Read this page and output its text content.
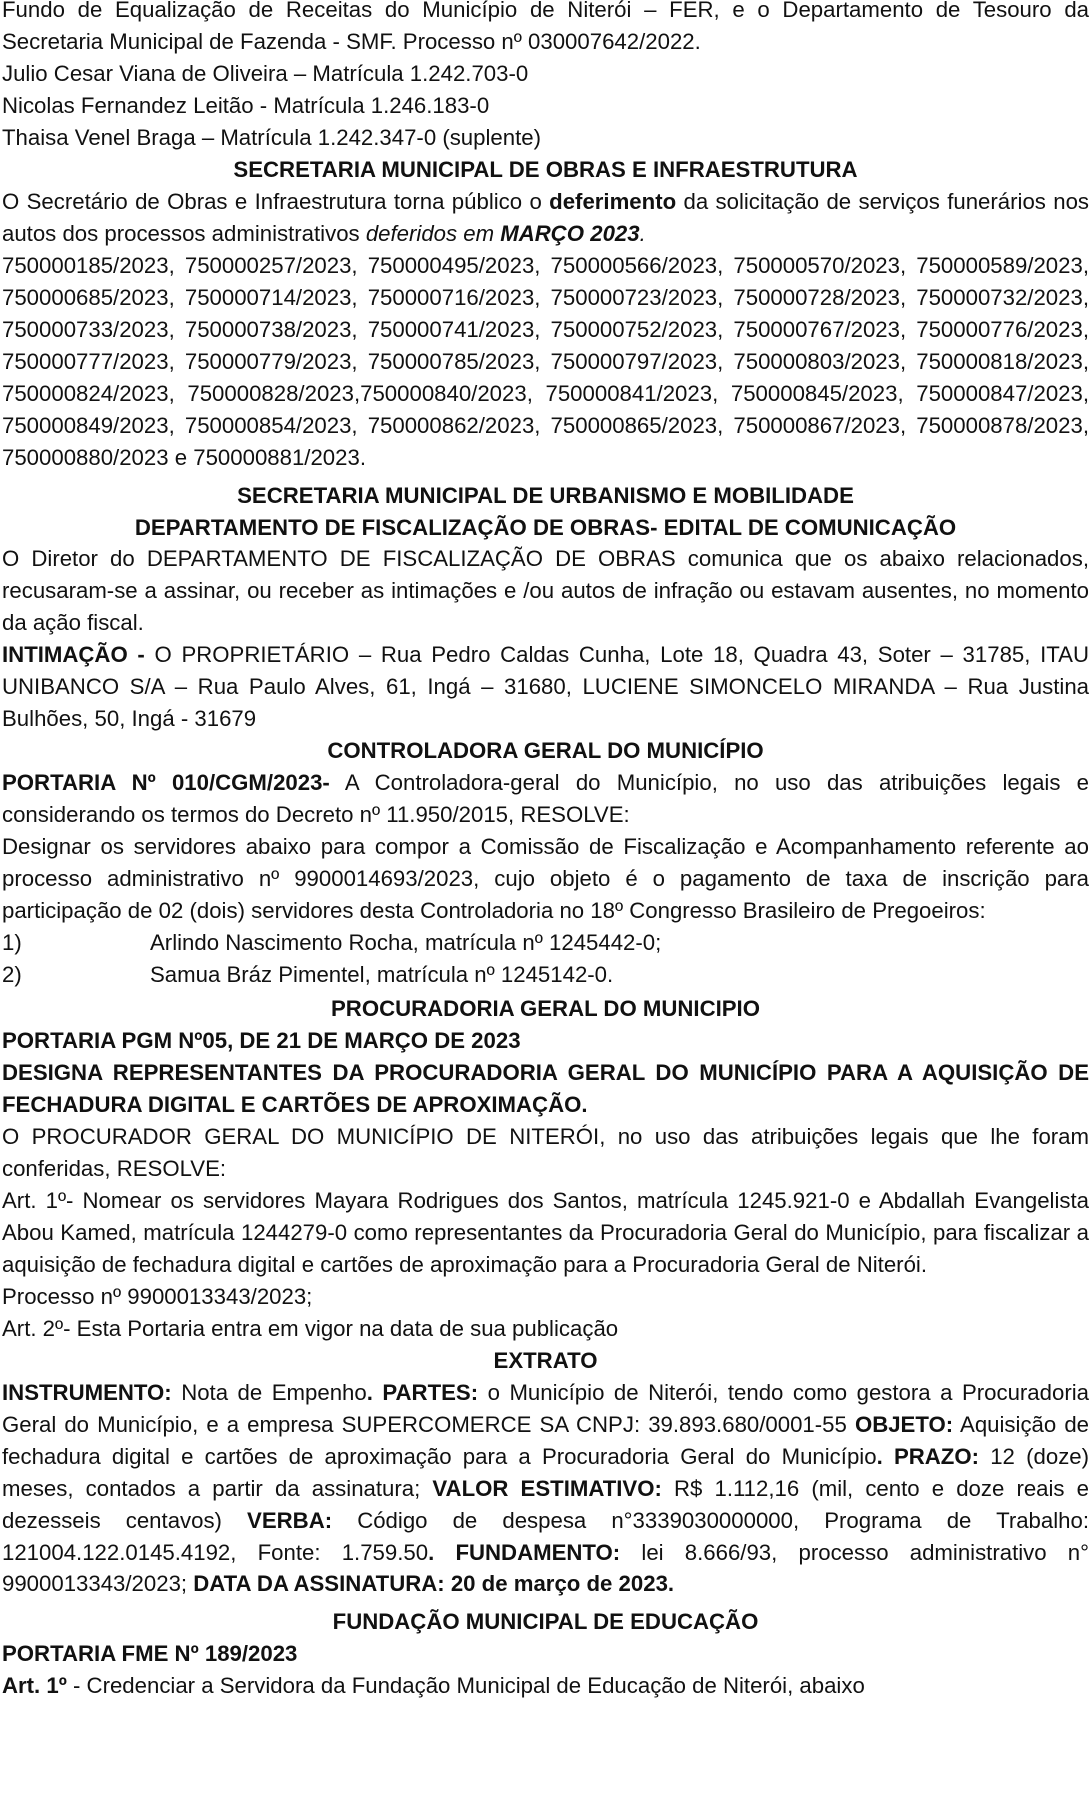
Fundo de Equalização de Receitas do Município de Niterói – FER, e o Departamento de Tesouro da Secretaria Municipal de Fazenda - SMF. Processo nº 030007642/2022.

Julio Cesar Viana de Oliveira – Matrícula 1.242.703-0

Nicolas Fernandez Leitão - Matrícula 1.246.183-0

Thaisa Venel Braga – Matrícula 1.242.347-0 (suplente)

SECRETARIA MUNICIPAL DE OBRAS E INFRAESTRUTURA

O Secretário de Obras e Infraestrutura torna público o deferimento da solicitação de serviços funerários nos autos dos processos administrativos deferidos em MARÇO 2023.

750000185/2023, 750000257/2023, 750000495/2023, 750000566/2023, 750000570/2023, 750000589/2023, 750000685/2023, 750000714/2023, 750000716/2023, 750000723/2023, 750000728/2023, 750000732/2023, 750000733/2023, 750000738/2023, 750000741/2023, 750000752/2023, 750000767/2023, 750000776/2023, 750000777/2023, 750000779/2023, 750000785/2023, 750000797/2023, 750000803/2023, 750000818/2023, 750000824/2023, 750000828/2023,750000840/2023, 750000841/2023, 750000845/2023, 750000847/2023, 750000849/2023, 750000854/2023, 750000862/2023, 750000865/2023, 750000867/2023, 750000878/2023, 750000880/2023 e 750000881/2023.

SECRETARIA MUNICIPAL DE URBANISMO E MOBILIDADE

DEPARTAMENTO DE FISCALIZAÇÃO DE OBRAS- EDITAL DE COMUNICAÇÃO

O Diretor do DEPARTAMENTO DE FISCALIZAÇÃO DE OBRAS comunica que os abaixo relacionados, recusaram-se a assinar, ou receber as intimações e /ou autos de infração ou estavam ausentes, no momento da ação fiscal.

INTIMAÇÃO - O PROPRIETÁRIO – Rua Pedro Caldas Cunha, Lote 18, Quadra 43, Soter – 31785, ITAU UNIBANCO S/A – Rua Paulo Alves, 61, Ingá – 31680, LUCIENE SIMONCELO MIRANDA – Rua Justina Bulhões, 50, Ingá - 31679

CONTROLADORA GERAL DO MUNICÍPIO

PORTARIA Nº 010/CGM/2023- A Controladora-geral do Município, no uso das atribuições legais e considerando os termos do Decreto nº 11.950/2015, RESOLVE:

Designar os servidores abaixo para compor a Comissão de Fiscalização e Acompanhamento referente ao processo administrativo nº 9900014693/2023, cujo objeto é o pagamento de taxa de inscrição para participação de 02 (dois) servidores desta Controladoria no 18º Congresso Brasileiro de Pregoeiros:

1)	Arlindo Nascimento Rocha, matrícula nº 1245442-0;

2)	Samua Bráz Pimentel, matrícula nº 1245142-0.

PROCURADORIA GERAL DO MUNICIPIO

PORTARIA PGM Nº05, DE 21 DE MARÇO DE 2023

DESIGNA REPRESENTANTES DA PROCURADORIA GERAL DO MUNICÍPIO PARA A AQUISIÇÃO DE FECHADURA DIGITAL E CARTÕES DE APROXIMAÇÃO.

O PROCURADOR GERAL DO MUNICÍPIO DE NITERÓI, no uso das atribuições legais que lhe foram conferidas, RESOLVE:

Art. 1º- Nomear os servidores Mayara Rodrigues dos Santos, matrícula 1245.921-0 e Abdallah Evangelista Abou Kamed, matrícula 1244279-0 como representantes da Procuradoria Geral do Município, para fiscalizar a aquisição de fechadura digital e cartões de aproximação para a Procuradoria Geral de Niterói.

Processo nº 9900013343/2023;

Art. 2º- Esta Portaria entra em vigor na data de sua publicação

EXTRATO

INSTRUMENTO: Nota de Empenho. PARTES: o Município de Niterói, tendo como gestora a Procuradoria Geral do Município, e a empresa SUPERCOMERCE SA CNPJ: 39.893.680/0001-55 OBJETO: Aquisição de fechadura digital e cartões de aproximação para a Procuradoria Geral do Município. PRAZO: 12 (doze) meses, contados a partir da assinatura; VALOR ESTIMATIVO: R$ 1.112,16 (mil, cento e doze reais e dezesseis centavos) VERBA: Código de despesa n°3339030000000, Programa de Trabalho: 121004.122.0145.4192, Fonte: 1.759.50. FUNDAMENTO: lei 8.666/93, processo administrativo n° 9900013343/2023; DATA DA ASSINATURA: 20 de março de 2023.

FUNDAÇÃO MUNICIPAL DE EDUCAÇÃO

PORTARIA FME Nº 189/2023

Art. 1º - Credenciar a Servidora da Fundação Municipal de Educação de Niterói, abaixo
